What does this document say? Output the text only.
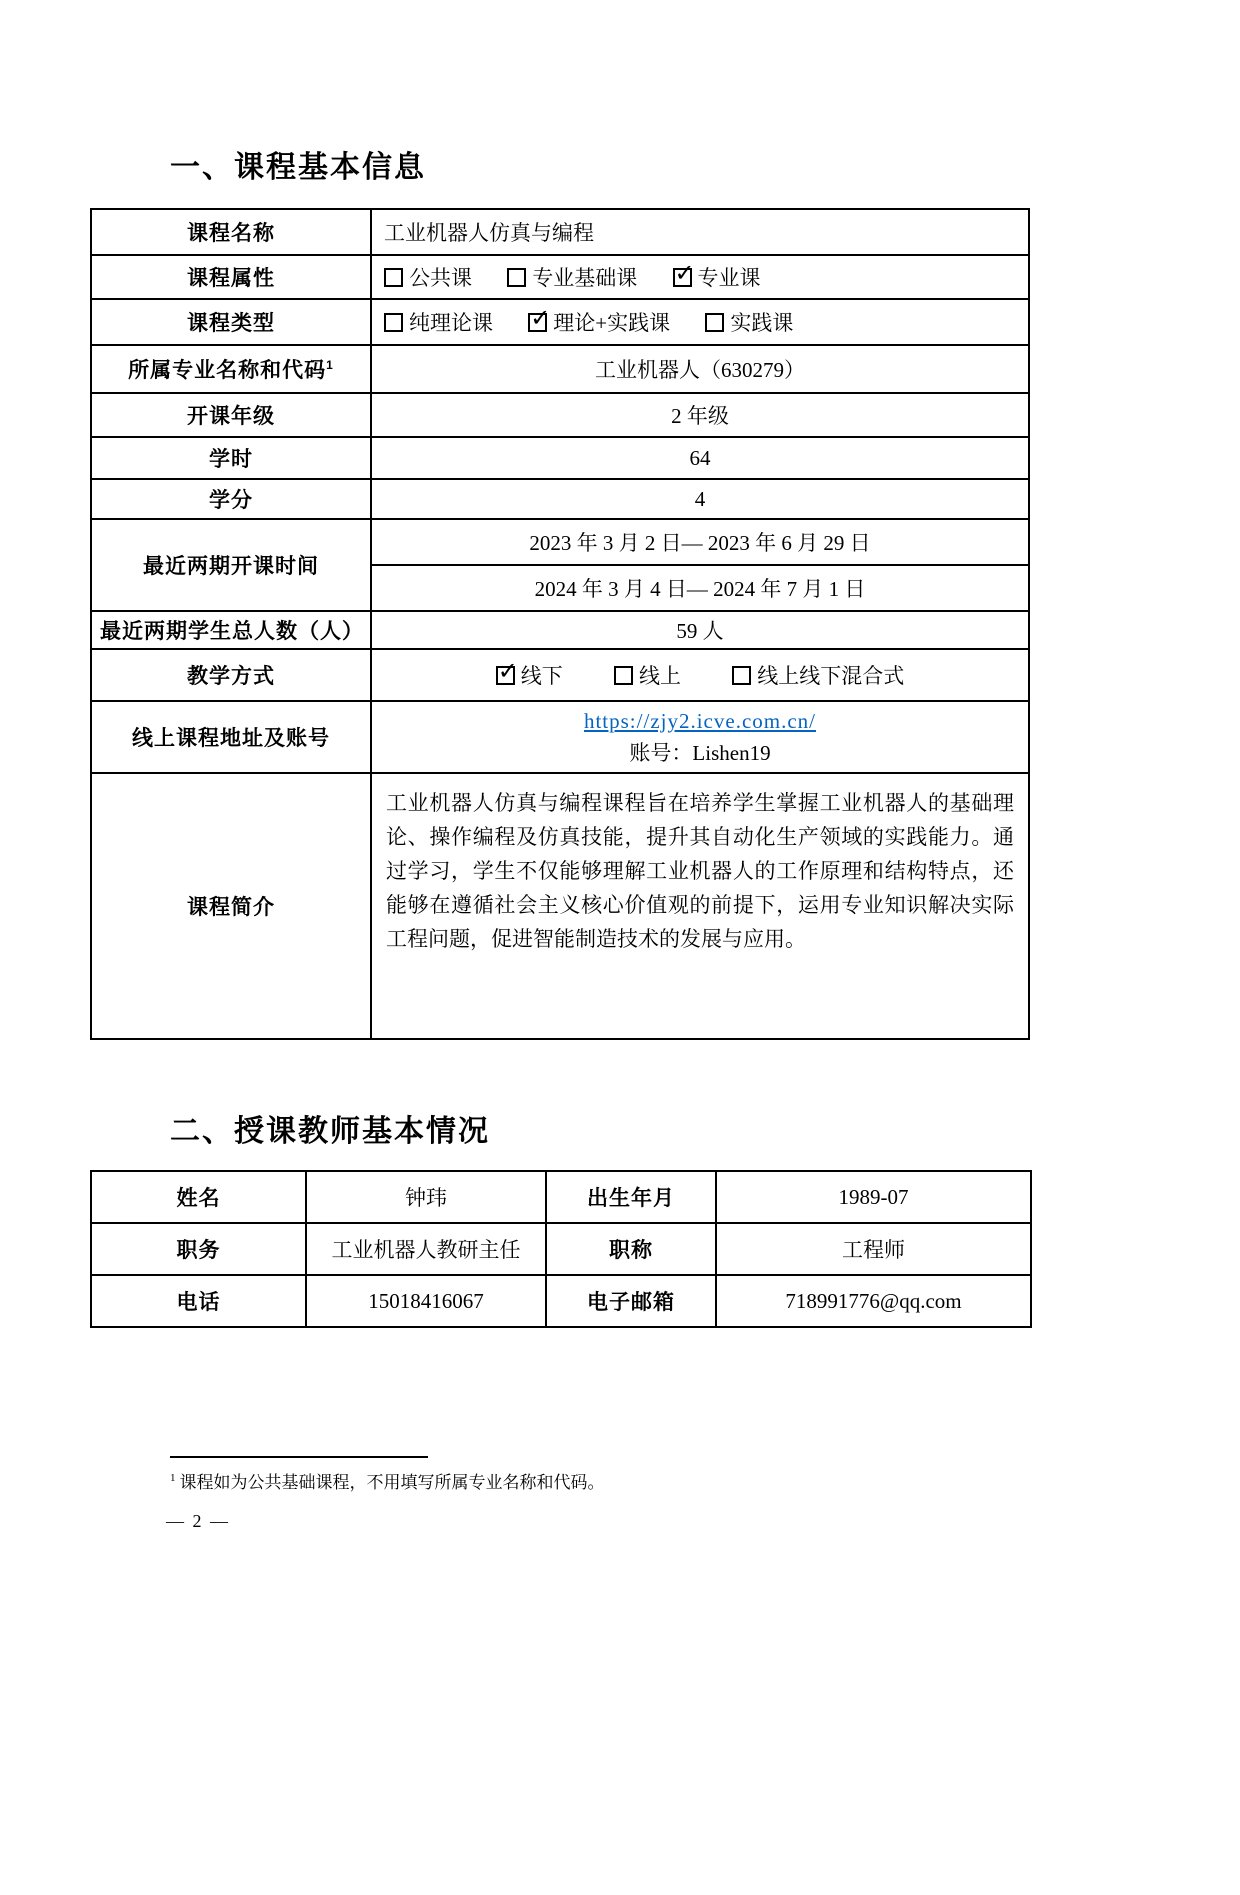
一、课程基本信息
课程名称	工业机器人仿真与编程
课程属性	公共课 专业基础课 ✓ 专业课
课程类型	纯理论课 ✓ 理论+实践课 实践课
所属专业名称和代码$^1$	工业机器人（630279）
开课年级	2 年级
学时	64
学分	4
最近两期开课时间	2023 年 3 月 2 日— 2023 年 6 月 29 日
	2024 年 3 月 4 日— 2024 年 7 月 1 日
最近两期学生总人数（人）	59 人
教学方式	✓线下 线上 线上线下混合式
线上课程地址及账号	https://zjy2.icve.com.cn/
账号：Lishen19

课程简介	工业机器人仿真与编程课程旨在培养学生掌握工业机器人的基础理论、操作编程及仿真技能，提升其自动化生产领域的实践能力。通过学习，学生不仅能够理解工业机器人的工作原理和结构特点，还能够在遵循社会主义核心价值观的前提下，运用专业知识解决实际工程问题，促进智能制造技术的发展与应用。
二、授课教师基本情况
姓名	钟玮	出生年月	1989-07
职务	工业机器人教研主任	职称	工程师
电话	15018416067	电子邮箱	718991776@qq.com

$^1$ 课程如为公共基础课程，不用填写所属专业名称和代码。

— 2 —
